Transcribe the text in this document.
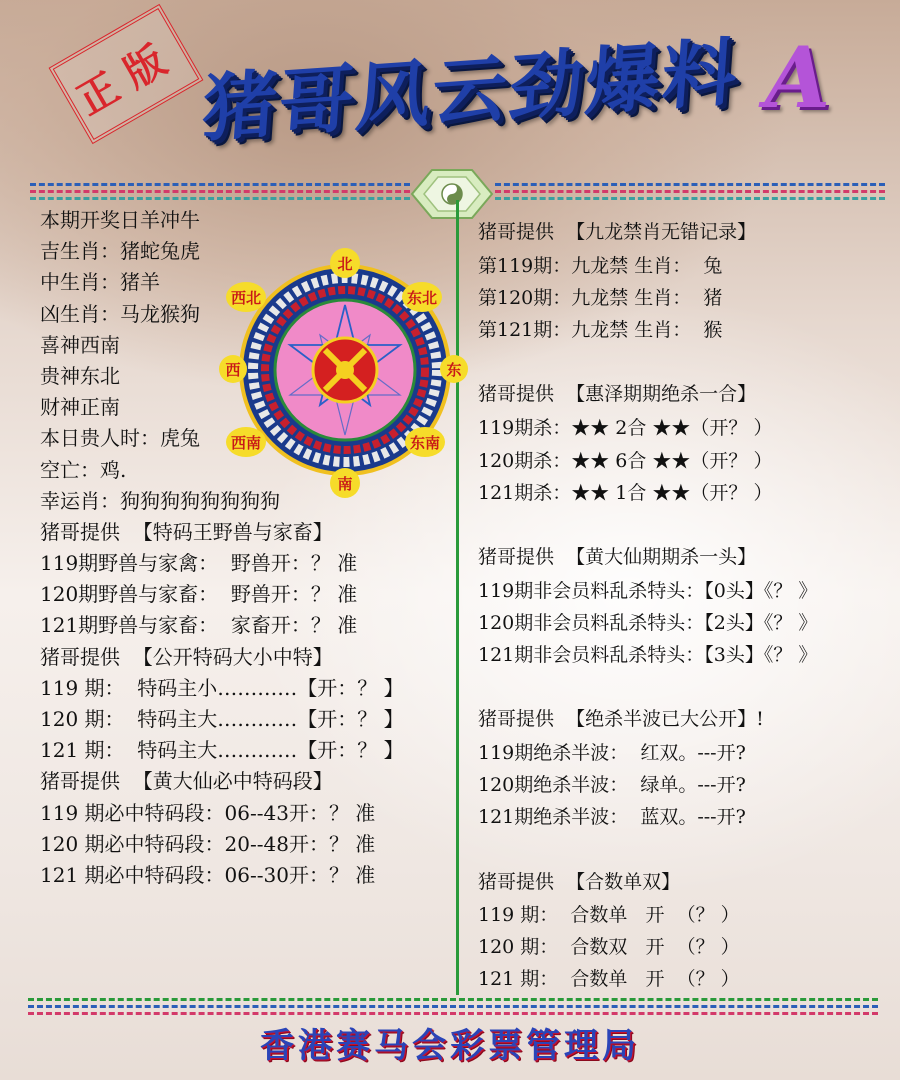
正版 猪哥风云劲爆料 A
本期开奖日羊冲牛
吉生肖：猪蛇兔虎
中生肖：猪羊
凶生肖：马龙猴狗
喜神西南
贵神东北
财神正南
本日贵人时：虎兔
空亡：鸡.
幸运肖：狗狗狗狗狗狗狗狗
猪哥提供  【特码王野兽与家畜】
119期野兽与家禽：  野兽开：？ 准
120期野兽与家畜：  野兽开：？ 准
121期野兽与家畜：  家畜开：？ 准
猪哥提供  【公开特码大小中特】
119 期：  特码主小…………【开：？ 】
120 期：  特码主大…………【开：？ 】
121 期：  特码主大…………【开：？ 】
猪哥提供  【黄大仙必中特码段】
119 期必中特码段：06--43开：？ 准
120 期必中特码段：20--48开：？ 准
121 期必中特码段：06--30开：？ 准
北
东北
东
东南
南
西南
西
西北
猪哥提供  【九龙禁肖无错记录】
第119期：九龙禁 生肖：  兔
第120期：九龙禁 生肖：  猪
第121期：九龙禁 生肖：  猴
猪哥提供  【惠泽期期绝杀一合】
119期杀：★★ 2合 ★★（开？ ）
120期杀：★★ 6合 ★★（开？ ）
121期杀：★★ 1合 ★★（开？ ）
猪哥提供  【黄大仙期期杀一头】
119期非会员料乱杀特头：【0头】《？ 》
120期非会员料乱杀特头：【2头】《？ 》
121期非会员料乱杀特头：【3头】《？ 》
猪哥提供  【绝杀半波已大公开】!
119期绝杀半波：  红双。---开?
120期绝杀半波：  绿单。---开?
121期绝杀半波：  蓝双。---开?
猪哥提供  【合数单双】
119 期：  合数单   开  （？ ）
120 期：  合数双   开  （？ ）
121 期：  合数单   开  （？ ）
香港赛马会彩票管理局
